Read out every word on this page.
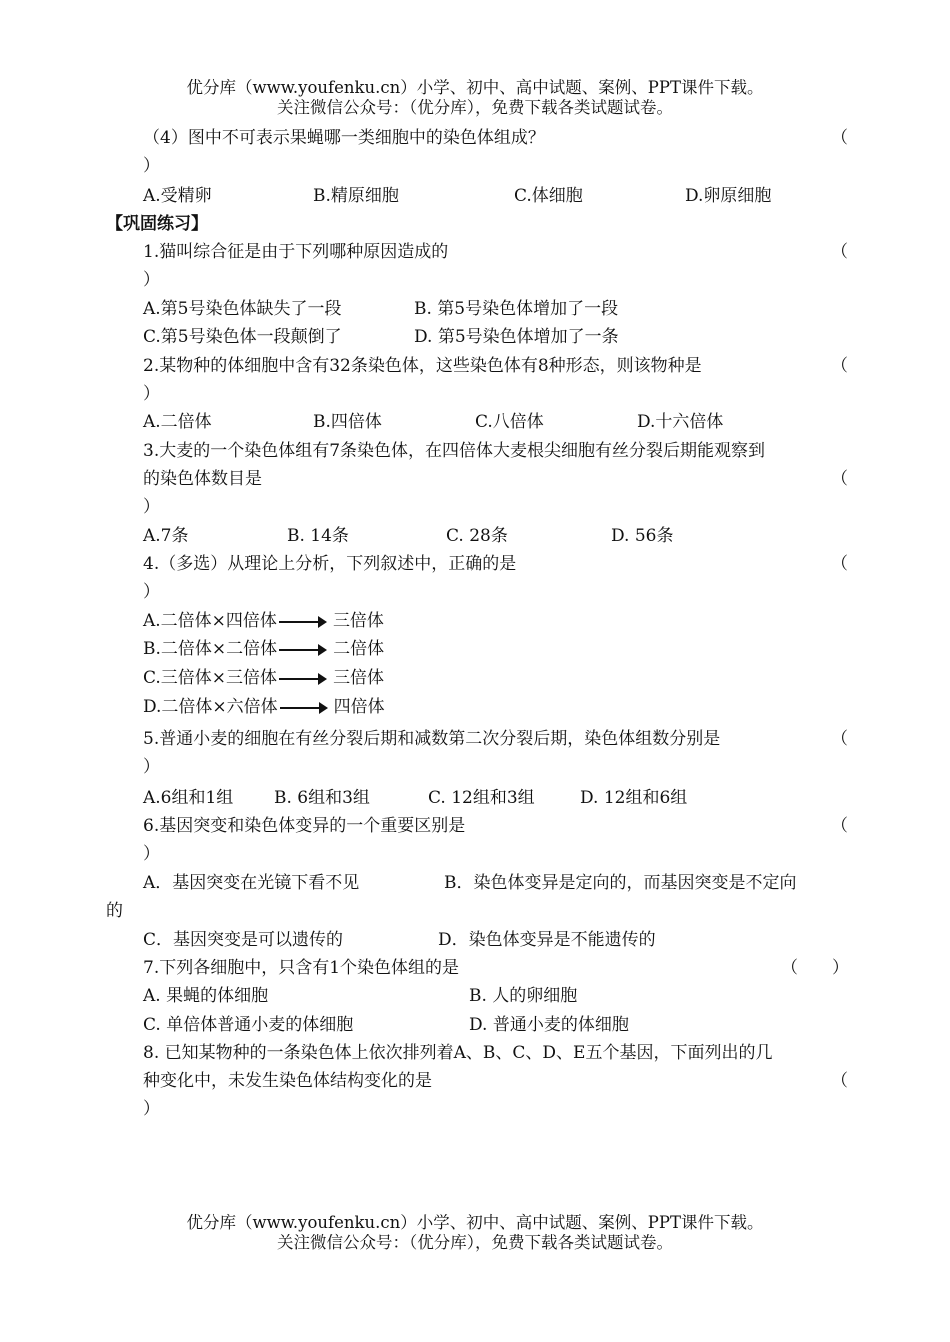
优分库（www.youfenku.cn）小学、初中、高中试题、案例、PPT课件下载。
关注微信公众号：（优分库），免费下载各类试题试卷。
（4）图中不可表示果蝇哪一类细胞中的染色体组成？	（
）
A.受精卵	B.精原细胞	C.体细胞	D.卵原细胞
【巩固练习】
1.猫叫综合征是由于下列哪种原因造成的	（
）
A.第5号染色体缺失了一段	B. 第5号染色体增加了一段
C.第5号染色体一段颠倒了	D. 第5号染色体增加了一条
2.某物种的体细胞中含有32条染色体，这些染色体有8种形态，则该物种是	（
）
A.二倍体	B.四倍体	C.八倍体	D.十六倍体
3.大麦的一个染色体组有7条染色体，在四倍体大麦根尖细胞有丝分裂后期能观察到
的染色体数目是	（
）
A.7条	B. 14条	C. 28条	D. 56条
4.（多选）从理论上分析，下列叙述中，正确的是	（
）
A.二倍体×四倍体	三倍体
B.二倍体×二倍体	二倍体
C.三倍体×三倍体	三倍体
D.二倍体×六倍体	四倍体
5.普通小麦的细胞在有丝分裂后期和减数第二次分裂后期，染色体组数分别是	（
）
A.6组和1组 B. 6组和3组	C. 12组和3组	D. 12组和6组
6.基因突变和染色体变异的一个重要区别是	（
）
A．基因突变在光镜下看不见	B．染色体变异是定向的，而基因突变是不定向
的
C．基因突变是可以遗传的	D．染色体变异是不能遗传的
7.下列各细胞中，只含有1个染色体组的是	（　　）
A. 果蝇的体细胞	B. 人的卵细胞
C. 单倍体普通小麦的体细胞	D. 普通小麦的体细胞
8. 已知某物种的一条染色体上依次排列着A、B、C、D、E五个基因，下面列出的几
种变化中，未发生染色体结构变化的是	（
）
优分库（www.youfenku.cn）小学、初中、高中试题、案例、PPT课件下载。
关注微信公众号：（优分库），免费下载各类试题试卷。
